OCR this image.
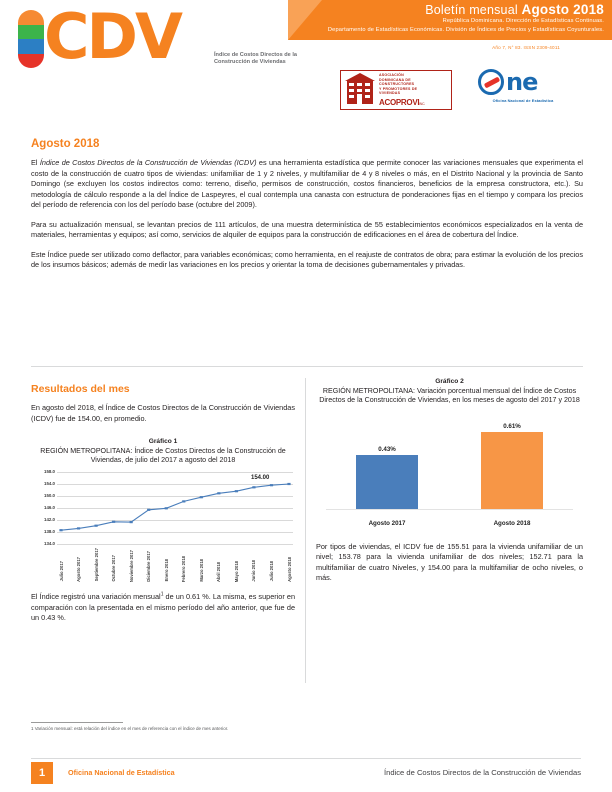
CDV	Índice de Costos Directos de la Construcción de Viviendas
Boletín mensual Agosto 2018
República Dominicana. Dirección de Estadísticas Continuas.
Departamento de Estadísticas Económicas. División de Índices de Precios y Estadísticas Coyunturales.
Año 7, N° 83. ISSN 2309-4011
ASOCIACIÓN
DOMINICANA DE
CONSTRUCTORES
Y PROMOTORES DE
VIVIENDAS
ACOPROVIINC.
ne
Oficina Nacional de Estadística
Agosto 2018

El Índice de Costos Directos de la Construcción de Viviendas (ICDV) es una herramienta estadística que permite conocer las variaciones mensuales que experimenta el costo de la construcción de cuatro tipos de viviendas: unifamiliar de 1 y 2 niveles, y multifamiliar de 4 y 8 niveles o más, en el Distrito Nacional y la provincia de Santo Domingo (se excluyen los costos indirectos como: terreno, diseño, permisos de construcción, costos financieros, beneficios de la empresa constructora, etc.). Su metodología de cálculo responde a la del Índice de Laspeyres, el cual contempla una canasta con estructura de ponderaciones fijas en el tiempo y compara los precios del período de referencia con los del período base (octubre del 2009).

Para su actualización mensual, se levantan precios de 111 artículos, de una muestra determinística de 55 establecimientos económicos especializados en la venta de materiales, herramientas y equipos; así como, servicios de alquiler de equipos para la construcción de edificaciones en el área de cobertura del Índice.

Este Índice puede ser utilizado como deflactor, para variables económicas; como herramienta, en el reajuste de contratos de obra; para estimar la evolución de los precios de los insumos básicos; además de medir las variaciones en los precios y orientar la toma de decisiones gubernamentales y privadas.

Resultados del mes
En agosto del 2018, el Índice de Costos Directos de la Construcción de Viviendas (ICDV) fue de 154.00, en promedio.
Gráfico 1
REGIÓN METROPOLITANA: Índice de Costos Directos de la Construcción de Viviendas, de julio del 2017 a agosto del 2018
158.0
154.0
150.0
146.0
142.0
138.0
134.0
Julio 2017	Agosto 2017	Septiembre 2017	Octubre 2017	Noviembre 2017	Diciembre 2017	Enero 2018	Febrero 2018	Marzo 2018	Abril 2018	Mayo 2018	Junio 2018	Julio 2018	Agosto 2018
154.00
El Índice registró una variación mensual$^1$ de un 0.61 %. La misma, es superior en comparación con la presentada en el mismo período del año anterior, que fue de un 0.43 %.
Gráfico 2
REGIÓN METROPOLITANA: Variación porcentual mensual del Índice de Costos Directos de la Construcción de Viviendas, en los meses de agosto del 2017 y 2018
0.43%
Agosto 2017
0.61%
Agosto 2018
Por tipos de viviendas, el ICDV fue de 155.51 para la vivienda unifamiliar de un nivel; 153.78 para la vivienda unifamiliar de dos niveles; 152.71 para la multifamiliar de cuatro Niveles, y 154.00 para la multifamiliar de ocho niveles, o más.
1 Variación mensual: está relación del índice en el mes de referencia con el índice de mes anterior.
1	Oficina Nacional de Estadística	Índice de Costos Directos de la Construcción de Viviendas
